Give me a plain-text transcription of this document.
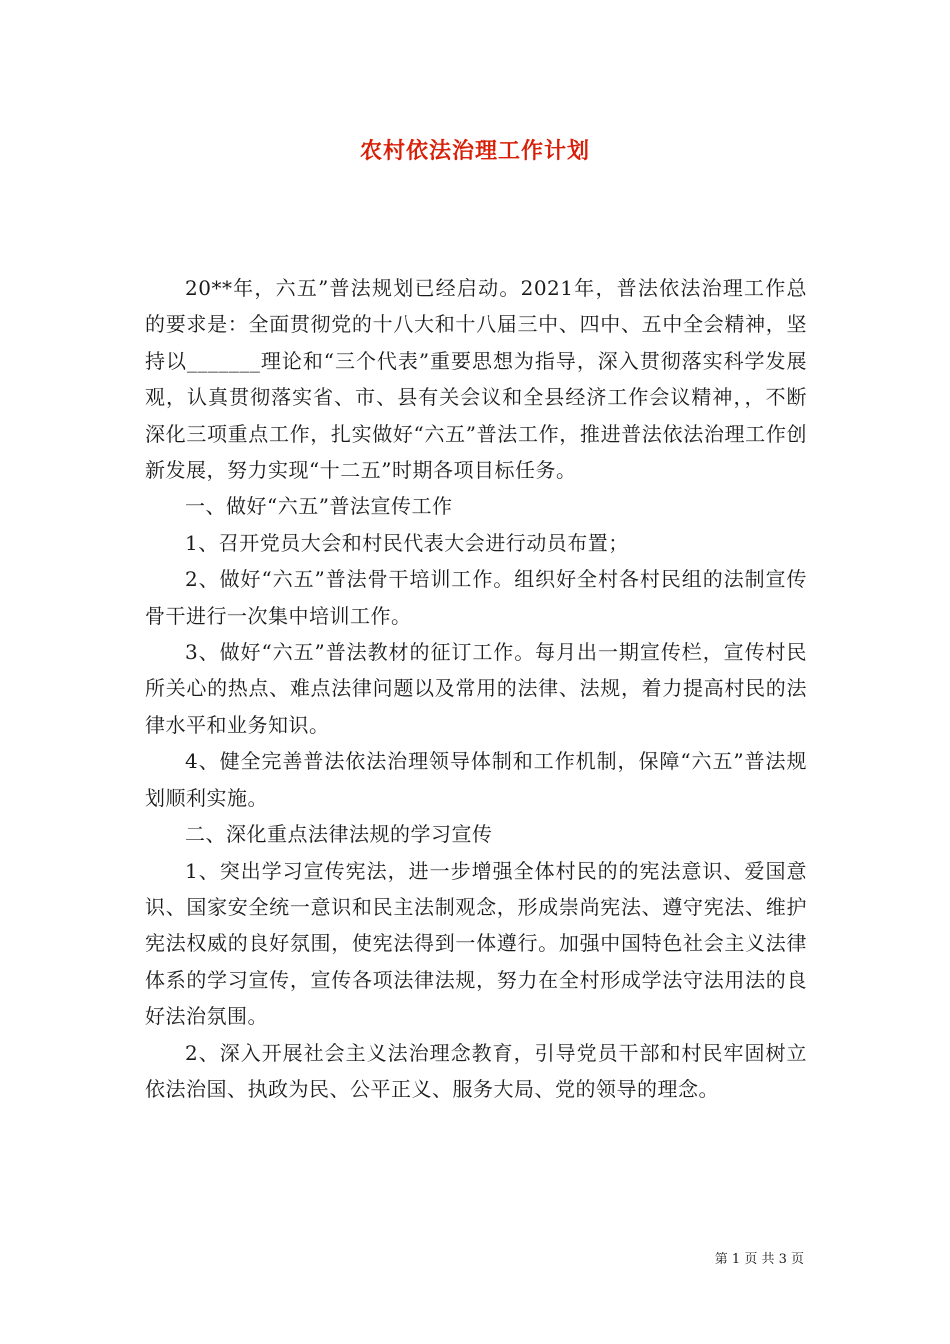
农村依法治理工作计划

20**年，六五”普法规划已经启动。2021年，普法依法治理工作总的要求是：全面贯彻党的十八大和十八届三中、四中、五中全会精神，坚持以_______理论和“三个代表”重要思想为指导，深入贯彻落实科学发展观，认真贯彻落实省、市、县有关会议和全县经济工作会议精神，，不断深化三项重点工作，扎实做好“六五”普法工作，推进普法依法治理工作创新发展，努力实现“十二五”时期各项目标任务。

一、做好“六五”普法宣传工作

1、召开党员大会和村民代表大会进行动员布置；

2、做好“六五”普法骨干培训工作。组织好全村各村民组的法制宣传骨干进行一次集中培训工作。

3、做好“六五”普法教材的征订工作。每月出一期宣传栏，宣传村民所关心的热点、难点法律问题以及常用的法律、法规，着力提高村民的法律水平和业务知识。

4、健全完善普法依法治理领导体制和工作机制，保障“六五”普法规划顺利实施。

二、深化重点法律法规的学习宣传

1、突出学习宣传宪法，进一步增强全体村民的的宪法意识、爱国意识、国家安全统一意识和民主法制观念，形成崇尚宪法、遵守宪法、维护宪法权威的良好氛围，使宪法得到一体遵行。加强中国特色社会主义法律体系的学习宣传，宣传各项法律法规，努力在全村形成学法守法用法的良好法治氛围。

2、深入开展社会主义法治理念教育，引导党员干部和村民牢固树立依法治国、执政为民、公平正义、服务大局、党的领导的理念。

第 1 页 共 3 页
